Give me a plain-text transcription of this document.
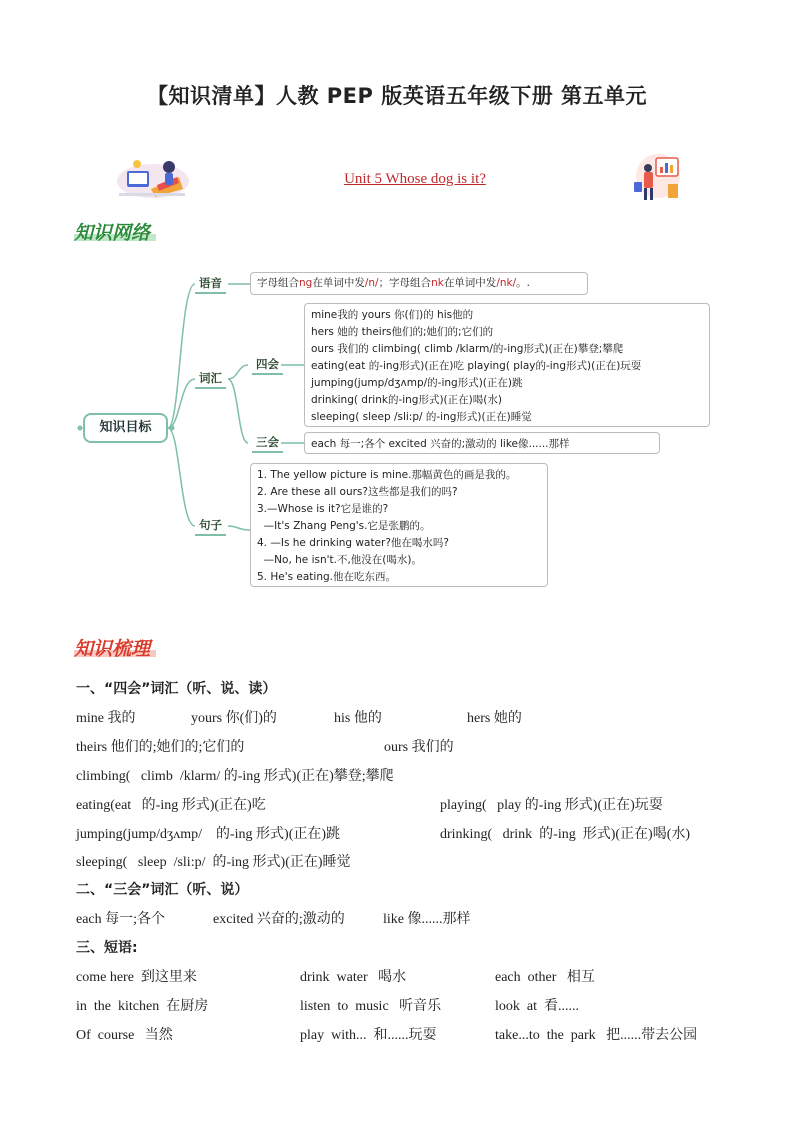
【知识清单】人教 PEP 版英语五年级下册 第五单元
Unit 5 Whose dog is it?
知识网络
知识目标
语音
词汇
四会
三会
句子
字母组合ng在单词中发/n/；字母组合nk在单词中发/nk/。.
mine我的 yours 你(们)的 his他的
hers 她的 theirs他们的;她们的;它们的
ours 我们的 climbing( climb /klarm/的-ing形式)(正在)攀登;攀爬
eating(eat 的-ing形式)(正在)吃 playing( play的-ing形式)(正在)玩耍
jumping(jump/dʒʌmp/的-ing形式)(正在)跳
drinking( drink的-ing形式)(正在)喝(水)
sleeping( sleep /sli:p/ 的-ing形式)(正在)睡觉
each 每一;各个 excited 兴奋的;激动的 like像......那样
1. The yellow picture is mine.那幅黄色的画是我的。
2. Are these all ours?这些都是我们的吗?
3.—Whose is it?它是谁的?
—It's Zhang Peng's.它是张鹏的。
4. —Is he drinking water?他在喝水吗?
—No, he isn't.不,他没在(喝水)。
5. He's eating.他在吃东西。
知识梳理
一、“四会”词汇（听、说、读）
mine 我的	yours 你(们)的	his 他的	hers 她的
theirs 他们的;她们的;它们的	ours 我们的
climbing(   climb  /klarm/ 的-ing 形式)(正在)攀登;攀爬
eating(eat   的-ing 形式)(正在)吃	playing(   play 的-ing 形式)(正在)玩耍
jumping(jump/dʒʌmp/    的-ing 形式)(正在)跳	drinking(   drink  的-ing  形式)(正在)喝(水)
sleeping(   sleep  /sli:p/  的-ing 形式)(正在)睡觉
二、“三会”词汇（听、说）
each 每一;各个	excited 兴奋的;激动的	like 像......那样
三、短语:
come here  到这里来	drink  water   喝水	each  other   相互
in  the  kitchen  在厨房	listen  to  music   听音乐	look  at  看......
Of  course   当然	play  with...  和......玩耍	take...to  the  park   把......带去公园
